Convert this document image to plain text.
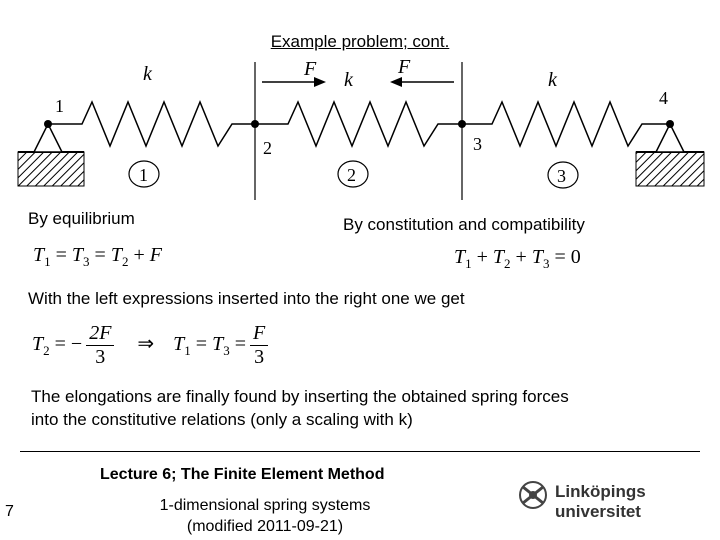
Example problem; cont.
k	k	k
F	F
1
2	3
4
1	2	3
By equilibrium	By constitution and compatibility
$T_1 = T_3 = T_2 + F$	$T_1 + T_2 + T_3 = 0$
With the left expressions inserted into the right one we get
$T_2$ = − $\frac{2F}{3}$ ⇒ $T_1 = T_3 = \frac{F}{3}$
The elongations are finally found by inserting the obtained spring forces
into the constitutive relations (only a scaling with k)
Lecture 6; The Finite Element Method
1-dimensional spring systems
(modified 2011-09-21)
7
Linköpings universitet
